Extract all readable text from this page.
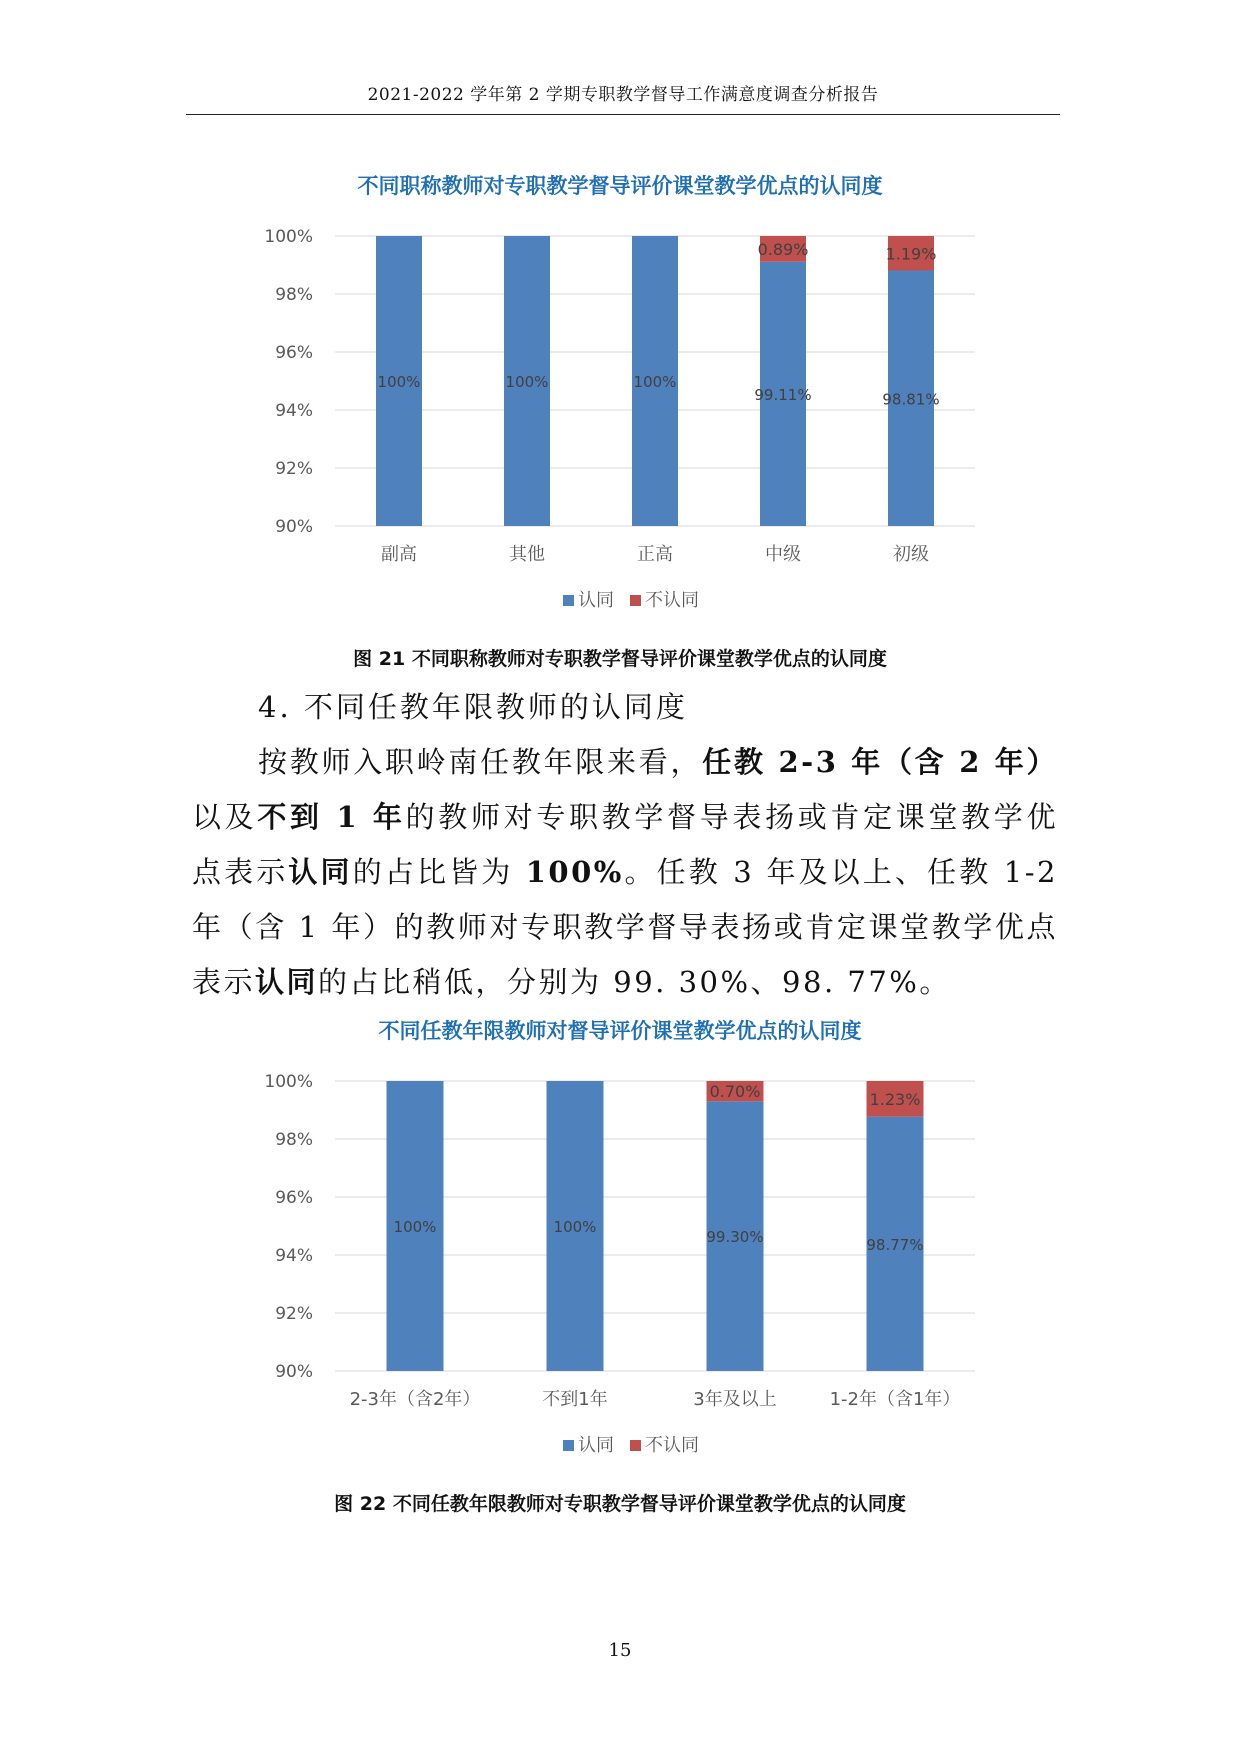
2021-2022 学年第 2 学期专职教学督导工作满意度调查分析报告
不同职称教师对专职教学督导评价课堂教学优点的认同度
100%
98%
96%
94%
92%
90%
100%
副高
100%
其他
100%
正高
0.89%
99.11%
中级
1.19%
98.81%
初级
认同 不认同
图 21 不同职称教师对专职教学督导评价课堂教学优点的认同度
4. 不同任教年限教师的认同度
按教师入职岭南任教年限来看，任教 2-3 年（含 2 年）以及不到 1 年的教师对专职教学督导表扬或肯定课堂教学优点表示认同的占比皆为 100%。任教 3 年及以上、任教 1-2 年（含 1 年）的教师对专职教学督导表扬或肯定课堂教学优点表示认同的占比稍低，分别为 99. 30%、98. 77%。
不同任教年限教师对督导评价课堂教学优点的认同度
100%
98%
96%
94%
92%
90%
100%
2-3年（含2年）
100%
不到1年
0.70%
99.30%
3年及以上
1.23%
98.77%
1-2年（含1年）
认同 不认同
图 22 不同任教年限教师对专职教学督导评价课堂教学优点的认同度
15
